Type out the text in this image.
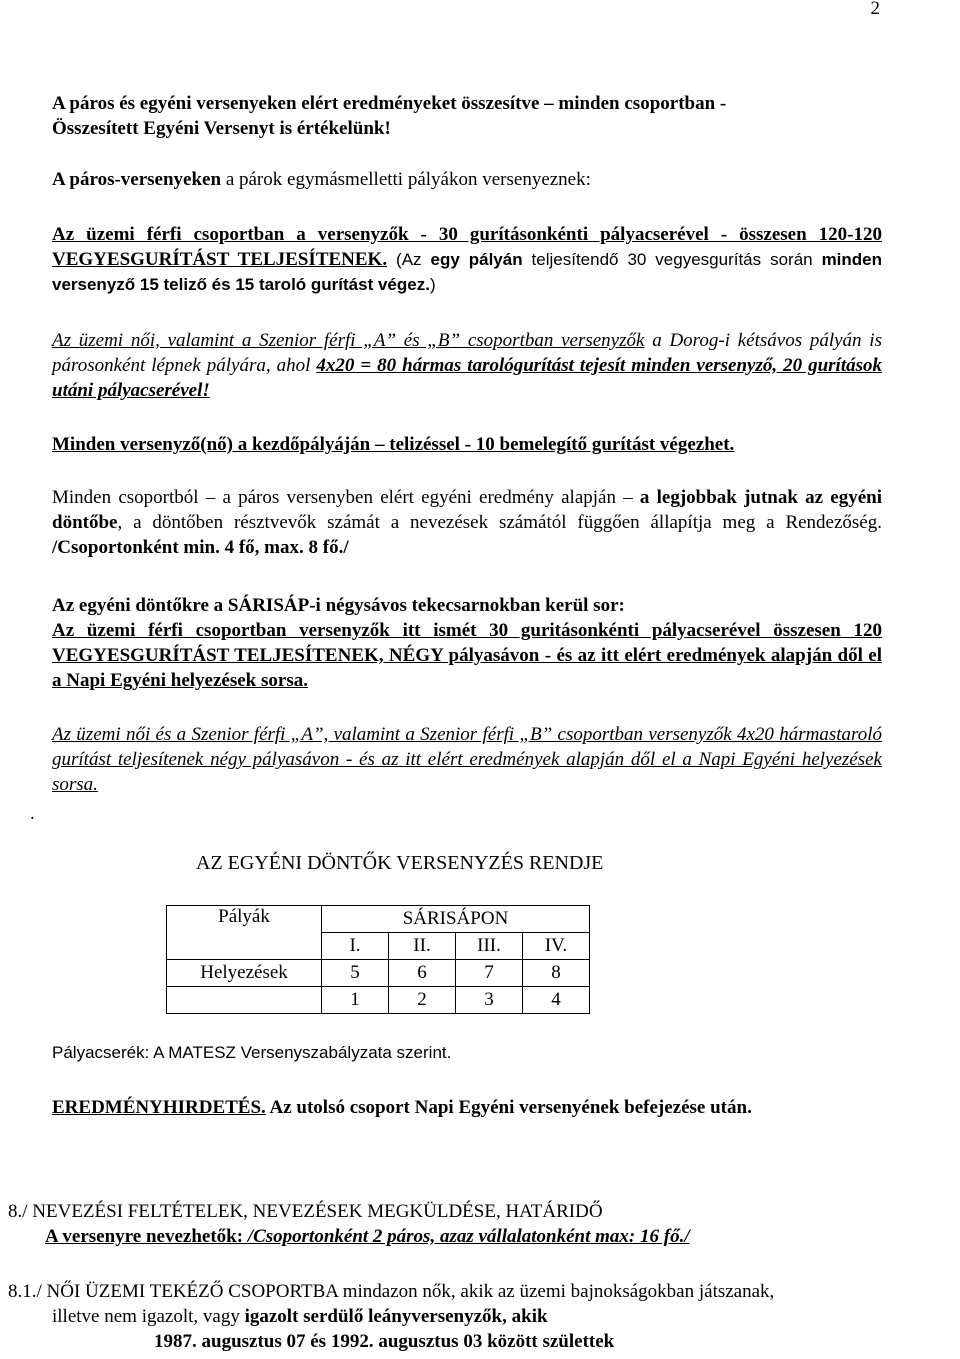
2
A páros és egyéni versenyeken elért eredményeket összesítve – minden csoportban -
Összesített Egyéni Versenyt is értékelünk!
A páros-versenyeken a párok egymásmelletti pályákon versenyeznek:
Az üzemi férfi csoportban a versenyzők - 30 gurításonkénti pályacserével - összesen 120-120 VEGYESGURÍTÁST TELJESÍTENEK. (Az egy pályán teljesítendő 30 vegyesgurítás során minden versenyző 15 teliző és 15 taroló gurítást végez.)
Az üzemi női, valamint a Szenior férfi „A” és „B” csoportban versenyzők a Dorog-i kétsávos pályán is párosonként lépnek pályára, ahol 4x20 = 80 hármas tarológurítást tejesít minden versenyző, 20 gurítások utáni pályacserével!
Minden versenyző(nő) a kezdőpályáján – telizéssel - 10 bemelegítő gurítást végezhet.
Minden csoportból – a páros versenyben elért egyéni eredmény alapján – a legjobbak jutnak az egyéni döntőbe, a döntőben résztvevők számát a nevezések számától függően állapítja meg a Rendezőség. /Csoportonként min. 4 fő, max. 8 fő./
Az egyéni döntőkre a SÁRISÁP-i négysávos tekecsarnokban kerül sor:
Az üzemi férfi csoportban versenyzők itt ismét 30 guritásonkénti pályacserével összesen 120 VEGYESGURÍTÁST TELJESÍTENEK, NÉGY pályasávon - és az itt elért eredmények alapján dől el a Napi Egyéni helyezések sorsa.
Az üzemi női és a Szenior férfi „A”, valamint a Szenior férfi „B” csoportban versenyzők 4x20 hármastaroló gurítást teljesítenek négy pályasávon - és az itt elért eredmények alapján dől el a Napi Egyéni helyezések sorsa.
.
AZ EGYÉNI DÖNTŐK VERSENYZÉS RENDJE
Pályák	SÁRISÁPON			
	I.	II.	III.	IV.
Helyezések	5	6	7	8
	1	2	3	4
Pályacserék: A MATESZ Versenyszabályzata szerint.
EREDMÉNYHIRDETÉS. Az utolsó csoport Napi Egyéni versenyének befejezése után.
8./ NEVEZÉSI FELTÉTELEK, NEVEZÉSEK MEGKÜLDÉSE, HATÁRIDŐ
A versenyre nevezhetők: /Csoportonként 2 páros, azaz vállalatonként max: 16 fő./
8.1./ NŐI ÜZEMI TEKÉZŐ CSOPORTBA mindazon nők, akik az üzemi bajnokságokban játszanak,
illetve nem igazolt, vagy igazolt serdülő leányversenyzők, akik
1987. augusztus 07 és 1992. augusztus 03 között születtek
